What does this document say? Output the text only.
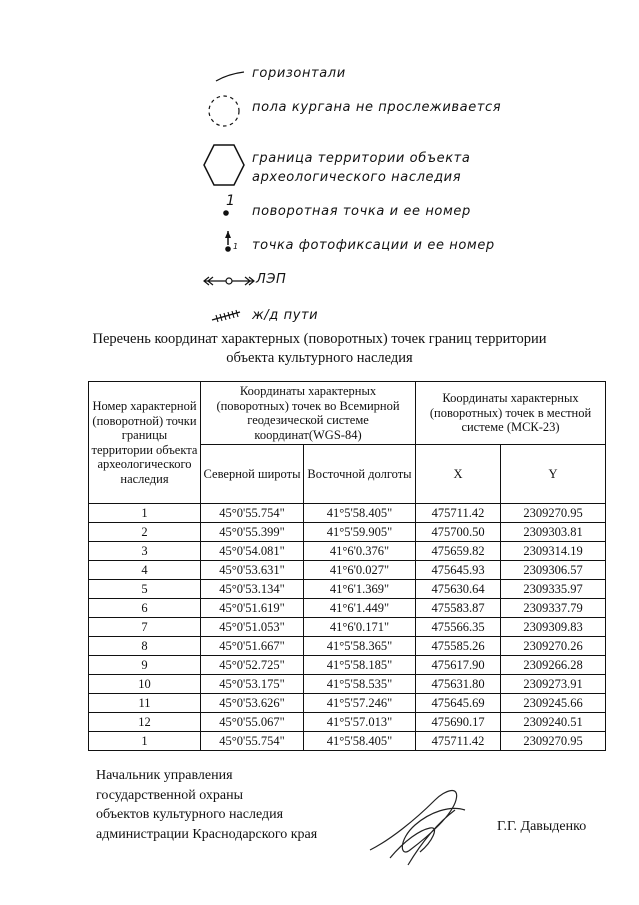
горизонтали
пола кургана не прослеживается
граница территории объекта
археологического наследия
1
поворотная точка и ее номер
1 точка фотофиксации и ее номер
ЛЭП
ж/д пути
Перечень координат характерных (поворотных) точек границ территории
объекта культурного наследия
Номер характерной (поворотной) точки границы территории объекта археологического наследия	Координаты характерных (поворотных) точек во Всемирной геодезической системе координат(WGS-84)		Координаты характерных (поворотных) точек в местной системе (МСК-23)	
	Северной широты	Восточной долготы	X	Y
1	45°0'55.754"	41°5'58.405"	475711.42	2309270.95
2	45°0'55.399"	41°5'59.905"	475700.50	2309303.81
3	45°0'54.081"	41°6'0.376"	475659.82	2309314.19
4	45°0'53.631"	41°6'0.027"	475645.93	2309306.57
5	45°0'53.134"	41°6'1.369"	475630.64	2309335.97
6	45°0'51.619"	41°6'1.449"	475583.87	2309337.79
7	45°0'51.053"	41°6'0.171"	475566.35	2309309.83
8	45°0'51.667"	41°5'58.365"	475585.26	2309270.26
9	45°0'52.725"	41°5'58.185"	475617.90	2309266.28
10	45°0'53.175"	41°5'58.535"	475631.80	2309273.91
11	45°0'53.626"	41°5'57.246"	475645.69	2309245.66
12	45°0'55.067"	41°5'57.013"	475690.17	2309240.51
1	45°0'55.754"	41°5'58.405"	475711.42	2309270.95
Начальник управления
государственной охраны
объектов культурного наследия
администрации Краснодарского края	Г.Г. Давыденко
